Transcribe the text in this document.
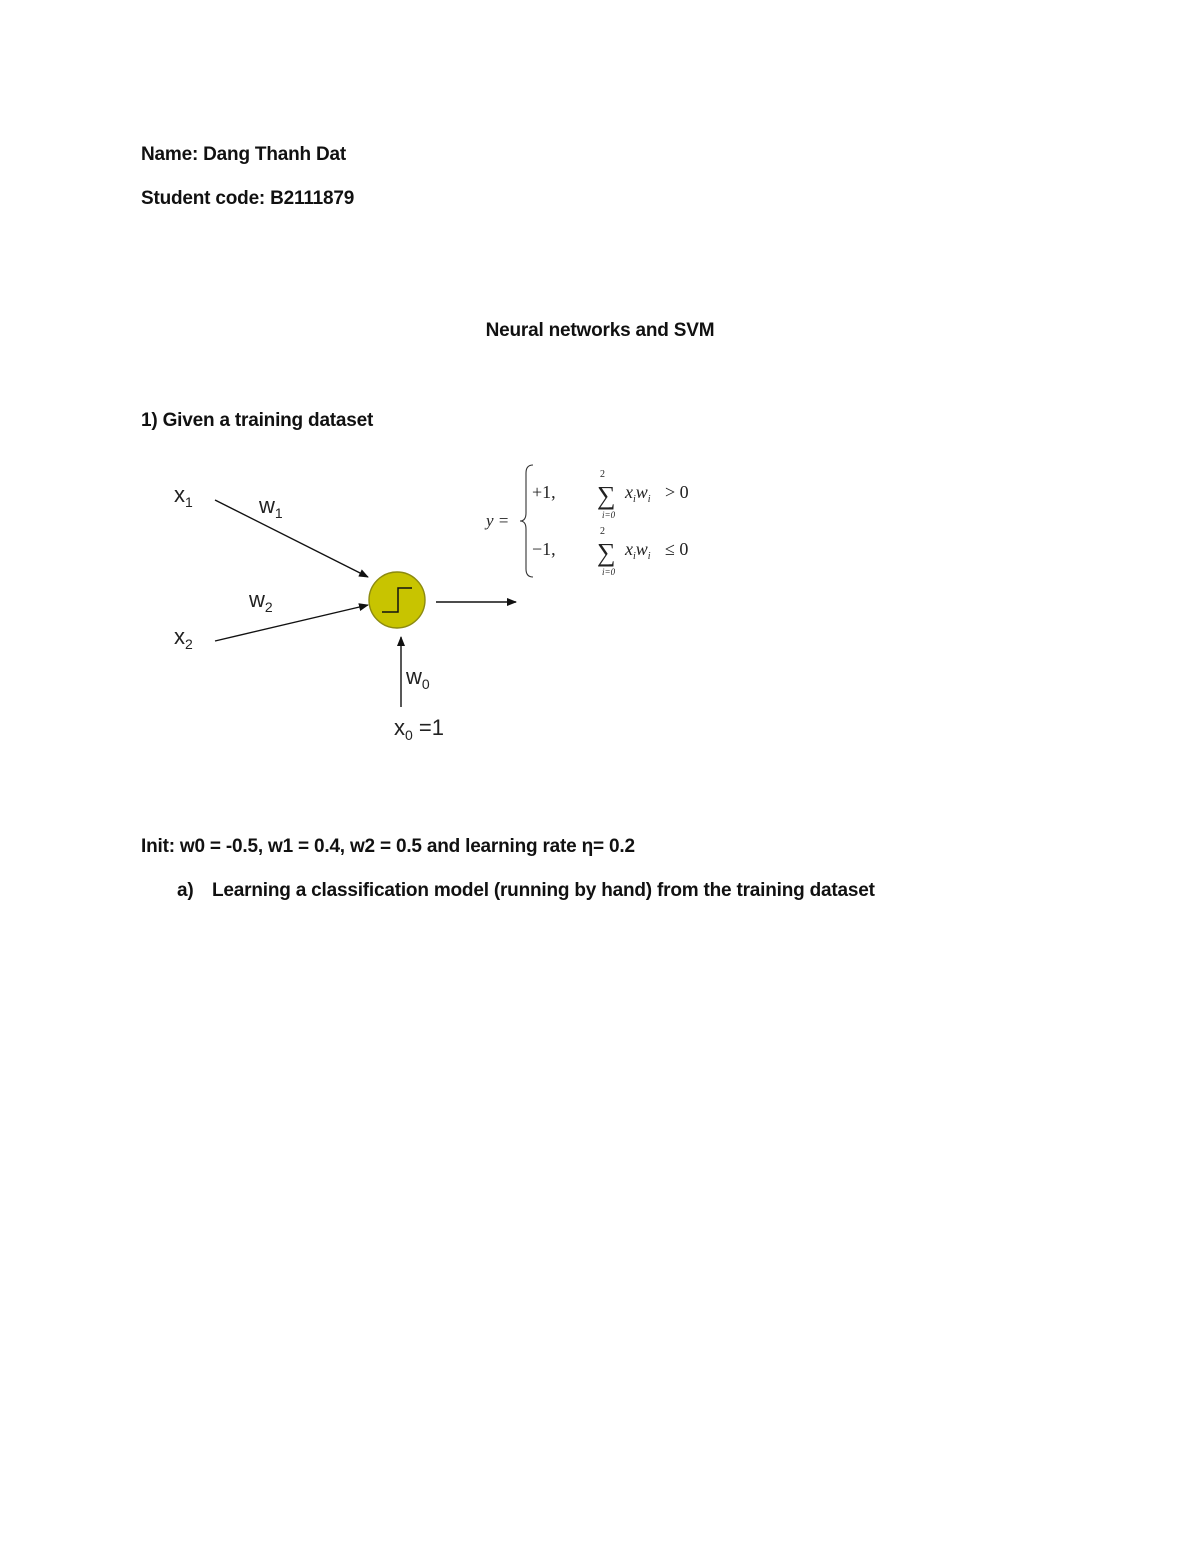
Name: Dang Thanh Dat
Student code: B2111879
Neural networks and SVM
1) Given a training dataset
$x_1$	$w_1$
$w_2$
$x_2$
$w_0$
$x_0 =1$
y =
+1,
2
∑
i=0
$x_iw_i > 0$
−1,
2
∑
i=0
$x_iw_i \le 0$
Init: w0 = -0.5, w1 = 0.4, w2 = 0.5 and learning rate η= 0.2
a) Learning a classification model (running by hand) from the training dataset
